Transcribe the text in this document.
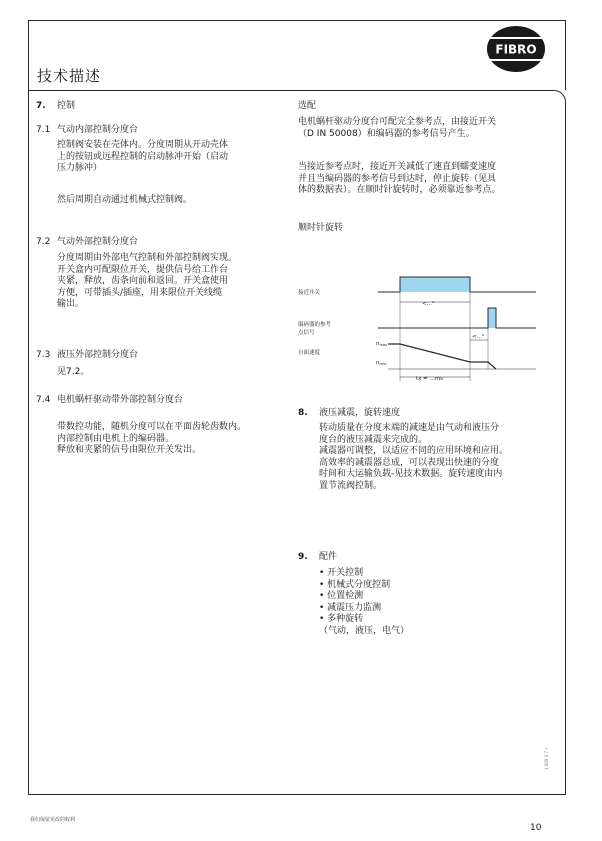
技术描述
FIBRO
7. 控制
7.1 气动内部控制分度台
控制阀安装在壳体内。分度周期从开动壳体
上的按钮或远程控制的启动脉冲开始（启动
压力脉冲）
然后周期自动通过机械式控制阀。
7.2 气动外部控制分度台
分度周期由外部电气控制和外部控制阀实现。
开关盒内可配限位开关，提供信号给工作台
夹紧，释放，齿条向前和返回。开关盒使用
方便，可带插头/插座，用来限位开关线缆
输出。
7.3 液压外部控制分度台
见7.2。
7.4 电机蜗杆驱动带外部控制分度台
带数控功能，随机分度可以在平面齿轮齿数内。
内部控制由电机上的编码器。
释放和夹紧的信号由限位开关发出。
选配
电机蜗杆驱动分度台可配完全参考点，由接近开关
（D IN 50008）和编码器的参考信号产生。
当接近参考点时，接近开关减低了速直到蠕变速度
并且当编码器的参考信号到达时，停止旋转（见具
体的数据表）。在顺时针旋转时，必须靠近参考点。
顺时针旋转
接近开关
<...°
编码器的参考
点信号
<...°
台面速度
nmax.
nmin.
tx = ...ms
8. 液压减震，旋转速度
转动质量在分度末端的减速是由气动和液压分
度台的液压减震来完成的。
减震器可调整，以适应不同的应用环境和应用。
高效率的减震器总成，可以表现出快速的分度
时间和大运输负载-见技术数据。旋转速度由内
置节流阀控制。
9. 配件
• 开关控制
• 机械式分度控制
• 位置检测
• 减震压力监测
• 多种旋转
（气动，液压，电气）
1 009 0 7 •
我们保留更改的权利
10
